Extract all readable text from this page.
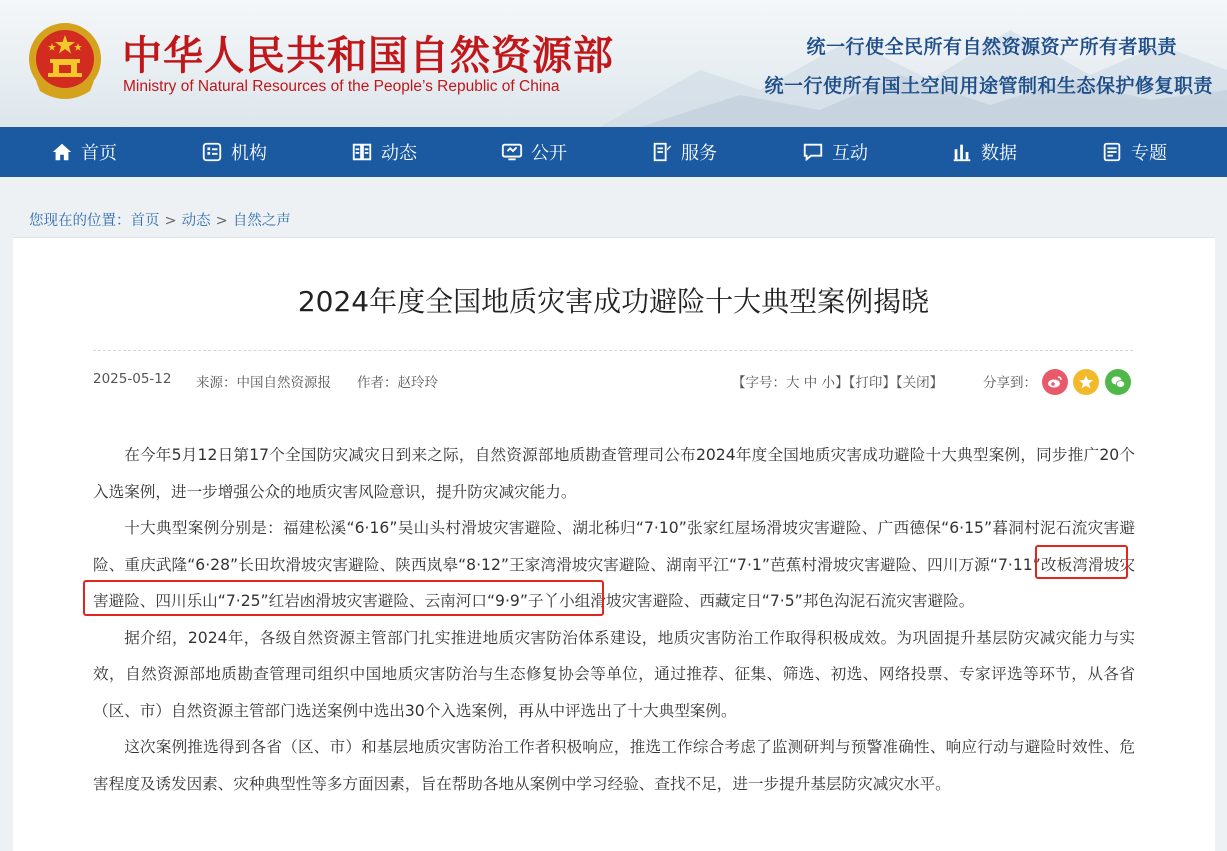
中华人民共和国自然资源部
Ministry of Natural Resources of the People’s Republic of China
统一行使全民所有自然资源资产所有者职责
统一行使所有国土空间用途管制和生态保护修复职责
首页	机构	动态	公开	服务	互动	数据	专题
您现在的位置：首页 > 动态 > 自然之声
2024年度全国地质灾害成功避险十大典型案例揭晓
2025-05-12 来源：中国自然资源报 作者：赵玲玲	【字号：大 中 小】【打印】【关闭】	分享到：

在今年5月12日第17个全国防灾减灾日到来之际，自然资源部地质勘查管理司公布2024年度全国地质灾害成功避险十大典型案例，同步推广20个入选案例，进一步增强公众的地质灾害风险意识，提升防灾减灾能力。

十大典型案例分别是：福建松溪“6·16”吴山头村滑坡灾害避险、湖北秭归“7·10”张家红屋场滑坡灾害避险、广西德保“6·15”暮洞村泥石流灾害避险、重庆武隆“6·28”长田坎滑坡灾害避险、陕西岚皋“8·12”王家湾滑坡灾害避险、湖南平江“7·1”芭蕉村滑坡灾害避险、四川万源“7·11”改板湾滑坡灾害避险、四川乐山“7·25”红岩凼滑坡灾害避险、云南河口“9·9”子丫小组滑坡灾害避险、西藏定日“7·5”邦色沟泥石流灾害避险。

据介绍，2024年，各级自然资源主管部门扎实推进地质灾害防治体系建设，地质灾害防治工作取得积极成效。为巩固提升基层防灾减灾能力与实效，自然资源部地质勘查管理司组织中国地质灾害防治与生态修复协会等单位，通过推荐、征集、筛选、初选、网络投票、专家评选等环节，从各省（区、市）自然资源主管部门选送案例中选出30个入选案例，再从中评选出了十大典型案例。

这次案例推选得到各省（区、市）和基层地质灾害防治工作者积极响应，推选工作综合考虑了监测研判与预警准确性、响应行动与避险时效性、危害程度及诱发因素、灾种典型性等多方面因素，旨在帮助各地从案例中学习经验、查找不足，进一步提升基层防灾减灾水平。
